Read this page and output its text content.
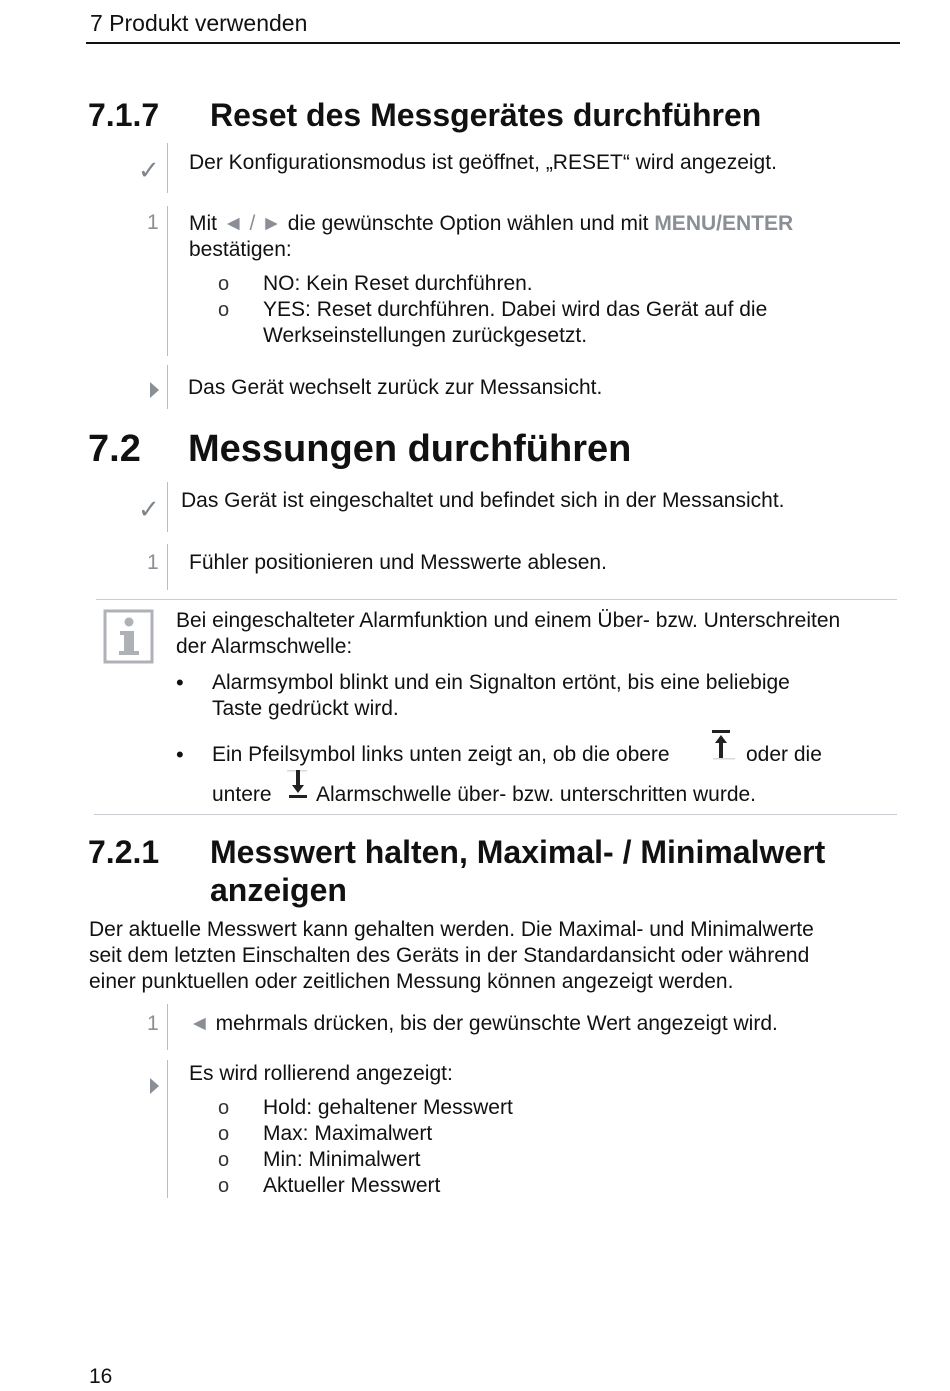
7 Produkt verwenden
7.1.7 Reset des Messgerätes durchführen
✓ Der Konfigurationsmodus ist geöffnet, „RESET“ wird angezeigt.
1 Mit ◄ / ► die gewünschte Option wählen und mit MENU/ENTER
bestätigen:
o NO: Kein Reset durchführen.
o YES: Reset durchführen. Dabei wird das Gerät auf die
Werkseinstellungen zurückgesetzt.
Das Gerät wechselt zurück zur Messansicht.
7.2 Messungen durchführen
✓ Das Gerät ist eingeschaltet und befindet sich in der Messansicht.
1 Fühler positionieren und Messwerte ablesen.
Bei eingeschalteter Alarmfunktion und einem Über- bzw. Unterschreiten
der Alarmschwelle:
• Alarmsymbol blinkt und ein Signalton ertönt, bis eine beliebige
Taste gedrückt wird.
• Ein Pfeilsymbol links unten zeigt an, ob die obere	oder die
untere Alarmschwelle über- bzw. unterschritten wurde.
7.2.1 Messwert halten, Maximal- / Minimalwert
anzeigen
Der aktuelle Messwert kann gehalten werden. Die Maximal- und Minimalwerte
seit dem letzten Einschalten des Geräts in der Standardansicht oder während
einer punktuellen oder zeitlichen Messung können angezeigt werden.
1 ◄ mehrmals drücken, bis der gewünschte Wert angezeigt wird.
Es wird rollierend angezeigt:
o Hold: gehaltener Messwert
o Max: Maximalwert
o Min: Minimalwert
o Aktueller Messwert
16
